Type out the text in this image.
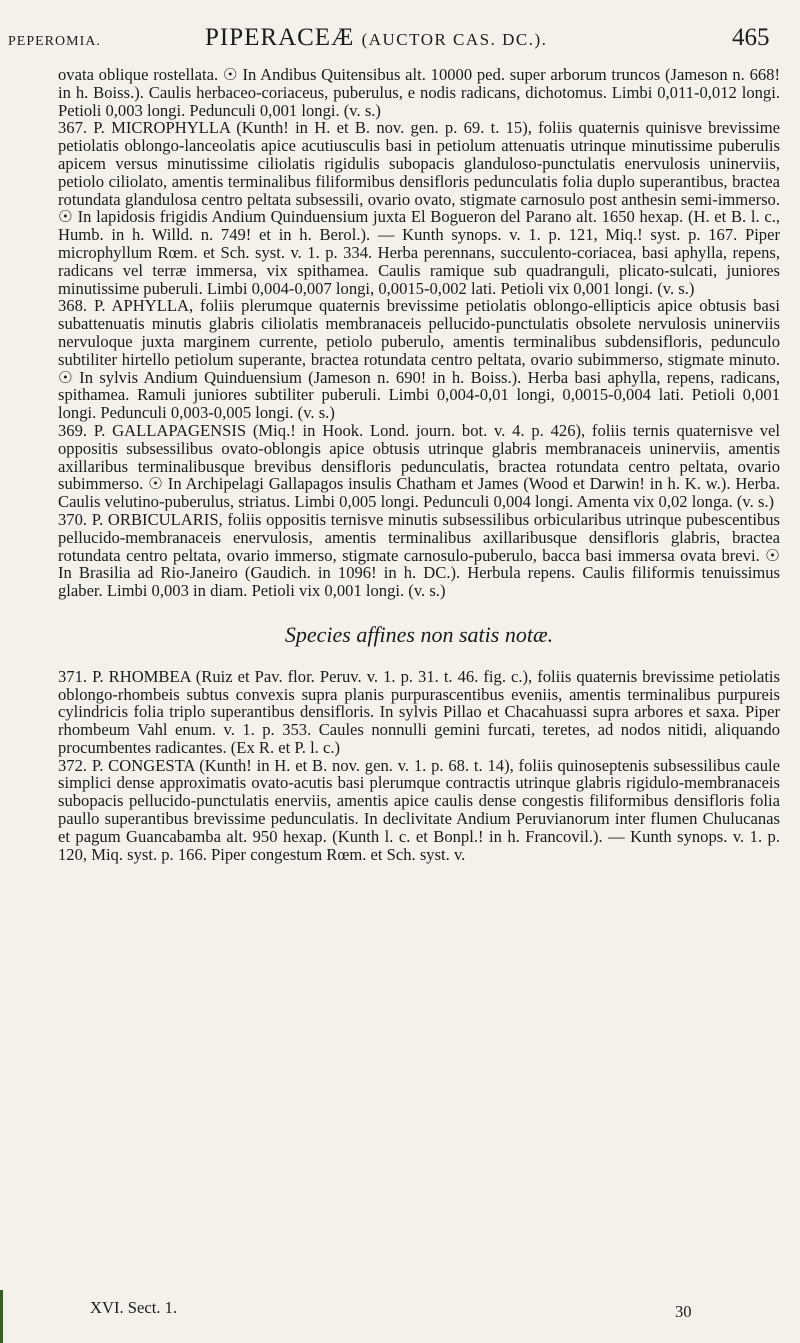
PEPEROMIA.	PIPERACEÆ (AUCTOR CAS. DC.).	465

ovata oblique rostellata. ☉ In Andibus Quitensibus alt. 10000 ped. super arborum truncos (Jameson n. 668! in h. Boiss.). Caulis herbaceo-coriaceus, puberulus, e nodis radicans, dichotomus. Limbi 0,011-0,012 longi. Petioli 0,003 longi. Pedunculi 0,001 longi. (v. s.)

367. P. MICROPHYLLA (Kunth! in H. et B. nov. gen. p. 69. t. 15), foliis quaternis quinisve brevissime petiolatis oblongo-lanceolatis apice acutiusculis basi in petiolum attenuatis utrinque minutissime puberulis apicem versus minutissime ciliolatis rigidulis subopacis glanduloso-punctulatis enervulosis uninerviis, petiolo ciliolato, amentis terminalibus filiformibus densifloris pedunculatis folia duplo superantibus, bractea rotundata glandulosa centro peltata subsessili, ovario ovato, stigmate carnosulo post anthesin semi-immerso. ☉ In lapidosis frigidis Andium Quinduensium juxta El Bogueron del Parano alt. 1650 hexap. (H. et B. l. c., Humb. in h. Willd. n. 749! et in h. Berol.). — Kunth synops. v. 1. p. 121, Miq.! syst. p. 167. Piper microphyllum Rœm. et Sch. syst. v. 1. p. 334. Herba perennans, succulento-coriacea, basi aphylla, repens, radicans vel terræ immersa, vix spithamea. Caulis ramique sub quadranguli, plicato-sulcati, juniores minutissime puberuli. Limbi 0,004-0,007 longi, 0,0015-0,002 lati. Petioli vix 0,001 longi. (v. s.)

368. P. APHYLLA, foliis plerumque quaternis brevissime petiolatis oblongo-ellipticis apice obtusis basi subattenuatis minutis glabris ciliolatis membranaceis pellucido-punctulatis obsolete nervulosis uninerviis nervuloque juxta marginem currente, petiolo puberulo, amentis terminalibus subdensifloris, pedunculo subtiliter hirtello petiolum superante, bractea rotundata centro peltata, ovario subimmerso, stigmate minuto. ☉ In sylvis Andium Quinduensium (Jameson n. 690! in h. Boiss.). Herba basi aphylla, repens, radicans, spithamea. Ramuli juniores subtiliter puberuli. Limbi 0,004-0,01 longi, 0,0015-0,004 lati. Petioli 0,001 longi. Pedunculi 0,003-0,005 longi. (v. s.)

369. P. GALLAPAGENSIS (Miq.! in Hook. Lond. journ. bot. v. 4. p. 426), foliis ternis quaternisve vel oppositis subsessilibus ovato-oblongis apice obtusis utrinque glabris membranaceis uninerviis, amentis axillaribus terminalibusque brevibus densifloris pedunculatis, bractea rotundata centro peltata, ovario subimmerso. ☉ In Archipelagi Gallapagos insulis Chatham et James (Wood et Darwin! in h. K. w.). Herba. Caulis velutino-puberulus, striatus. Limbi 0,005 longi. Pedunculi 0,004 longi. Amenta vix 0,02 longa. (v. s.)

370. P. ORBICULARIS, foliis oppositis ternisve minutis subsessilibus orbicularibus utrinque pubescentibus pellucido-membranaceis enervulosis, amentis terminalibus axillaribusque densifloris glabris, bractea rotundata centro peltata, ovario immerso, stigmate carnosulo-puberulo, bacca basi immersa ovata brevi. ☉ In Brasilia ad Rio-Janeiro (Gaudich. in 1096! in h. DC.). Herbula repens. Caulis filiformis tenuissimus glaber. Limbi 0,003 in diam. Petioli vix 0,001 longi. (v. s.)

Species affines non satis notæ.

371. P. RHOMBEA (Ruiz et Pav. flor. Peruv. v. 1. p. 31. t. 46. fig. c.), foliis quaternis brevissime petiolatis oblongo-rhombeis subtus convexis supra planis purpurascentibus eveniis, amentis terminalibus purpureis cylindricis folia triplo superantibus densifloris. In sylvis Pillao et Chacahuassi supra arbores et saxa. Piper rhombeum Vahl enum. v. 1. p. 353. Caules nonnulli gemini furcati, teretes, ad nodos nitidi, aliquando procumbentes radicantes. (Ex R. et P. l. c.)

372. P. CONGESTA (Kunth! in H. et B. nov. gen. v. 1. p. 68. t. 14), foliis quinoseptenis subsessilibus caule simplici dense approximatis ovato-acutis basi plerumque contractis utrinque glabris rigidulo-membranaceis subopacis pellucido-punctulatis enerviis, amentis apice caulis dense congestis filiformibus densifloris folia paullo superantibus brevissime pedunculatis. In declivitate Andium Peruvianorum inter flumen Chulucanas et pagum Guancabamba alt. 950 hexap. (Kunth l. c. et Bonpl.! in h. Francovil.). — Kunth synops. v. 1. p. 120, Miq. syst. p. 166. Piper congestum Rœm. et Sch. syst. v.

XVI. Sect. 1.	30
